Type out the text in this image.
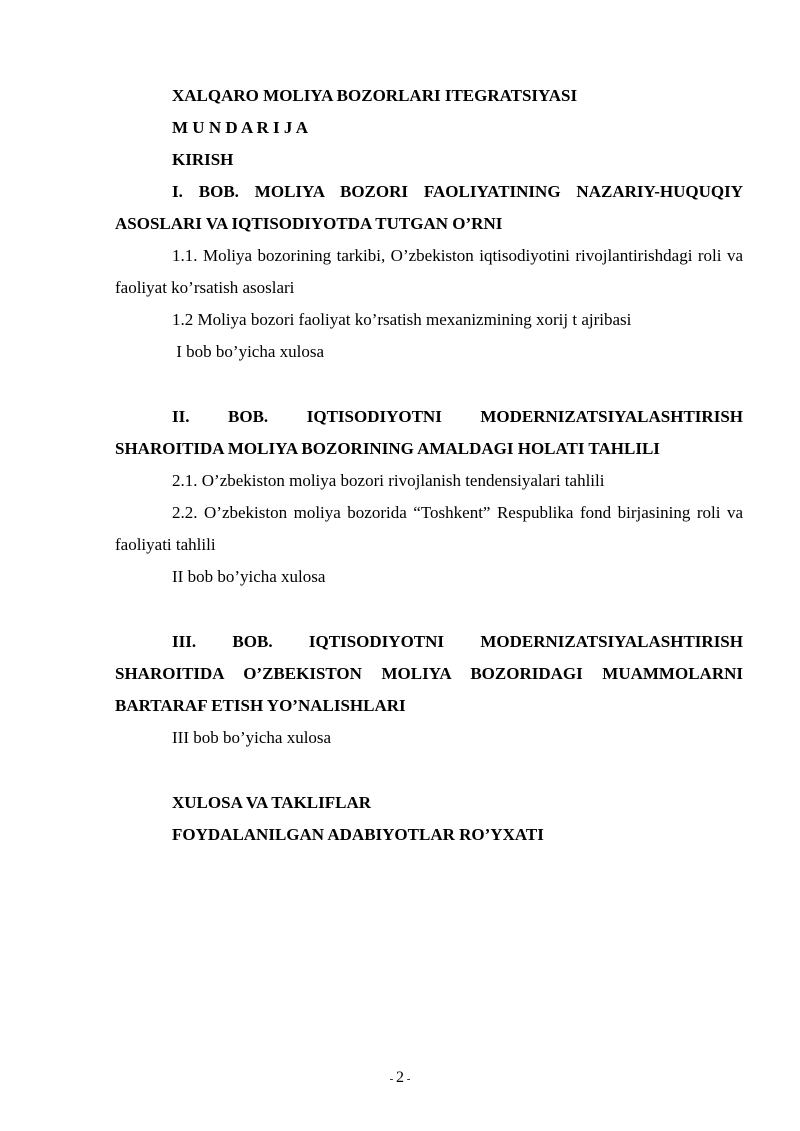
XALQARO MOLIYA BOZORLARI ITEGRATSIYASI

M U N D A R I J A

KIRISH

I. BOB. MOLIYA BOZORI FAOLIYATINING NAZARIY-HUQUQIY ASOSLARI VA IQTISODIYOTDA TUTGAN O’RNI

1.1. Moliya bozorining tarkibi, O’zbekiston iqtisodiyotini rivojlantirishdagi roli va faoliyat ko’rsatish asoslari

1.2 Moliya bozori faoliyat ko’rsatish mexanizmining xorij t ajribasi

I bob bo’yicha xulosa

II. BOB. IQTISODIYOTNI MODERNIZATSIYALASHTIRISH SHAROITIDA MOLIYA BOZORINING AMALDAGI HOLATI TAHLILI

2.1. O’zbekiston moliya bozori rivojlanish tendensiyalari tahlili

2.2. O’zbekiston moliya bozorida “Toshkent” Respublika fond birjasining roli va faoliyati tahlili

II bob bo’yicha xulosa

III. BOB. IQTISODIYOTNI MODERNIZATSIYALASHTIRISH SHAROITIDA O’ZBEKISTON MOLIYA BOZORIDAGI MUAMMOLARNI BARTARAF ETISH YO’NALISHLARI

III bob bo’yicha xulosa

XULOSA VA TAKLIFLAR

FOYDALANILGAN ADABIYOTLAR RO’YXATI

- 2 -
